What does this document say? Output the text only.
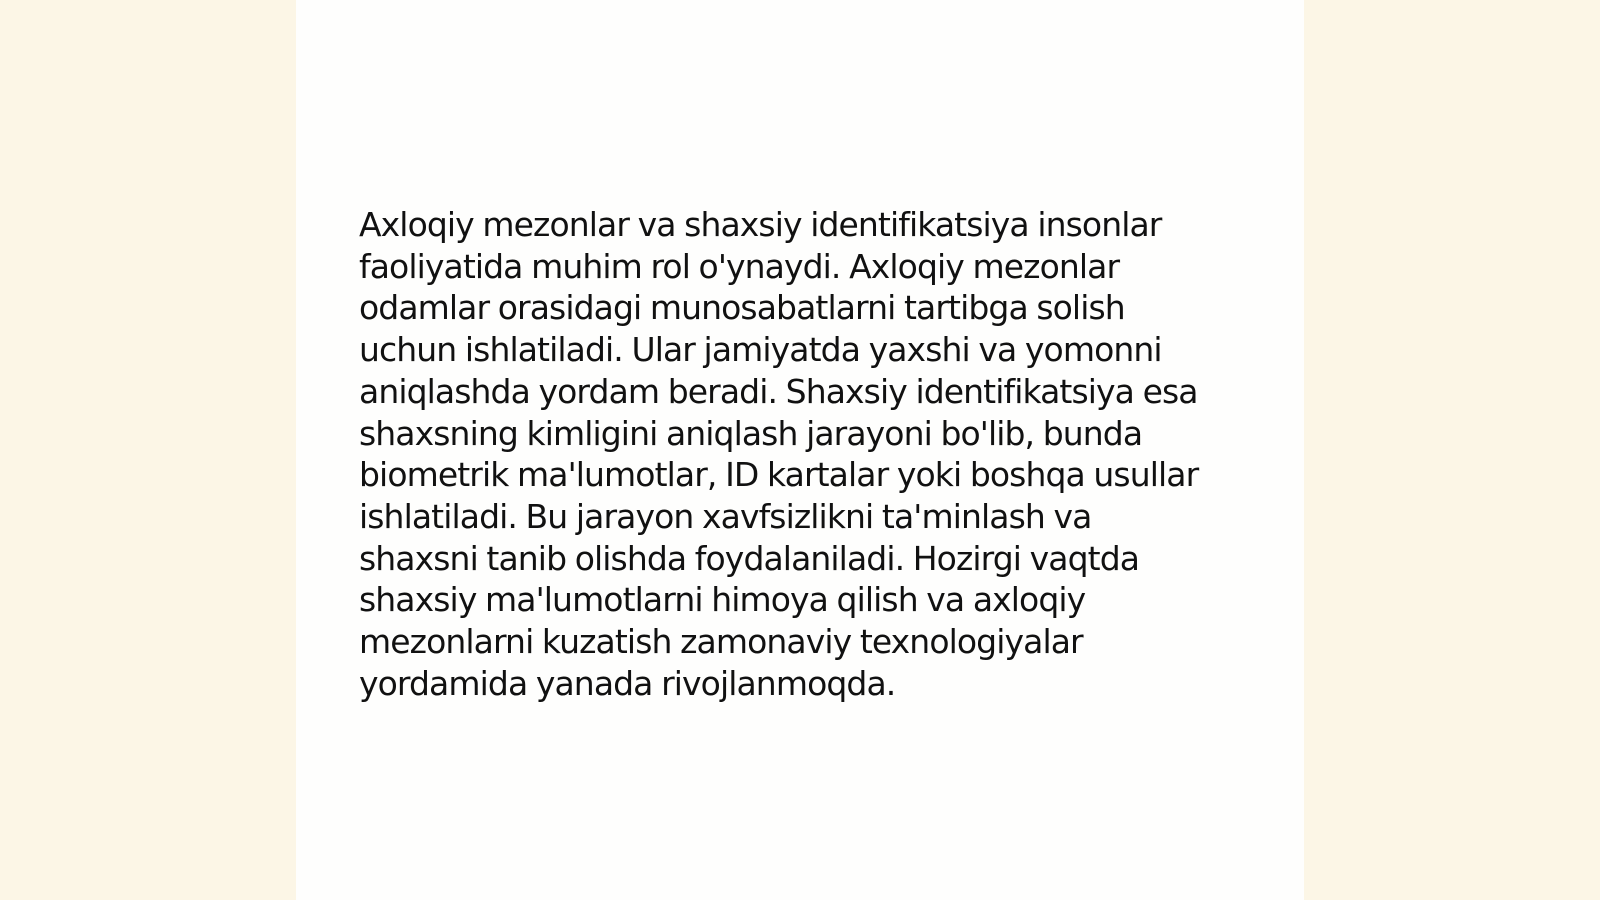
Axloqiy mezonlar va shaxsiy identifikatsiya insonlar
faoliyatida muhim rol o'ynaydi. Axloqiy mezonlar
odamlar orasidagi munosabatlarni tartibga solish
uchun ishlatiladi. Ular jamiyatda yaxshi va yomonni
aniqlashda yordam beradi. Shaxsiy identifikatsiya esa
shaxsning kimligini aniqlash jarayoni bo'lib, bunda
biometrik ma'lumotlar, ID kartalar yoki boshqa usullar
ishlatiladi. Bu jarayon xavfsizlikni ta'minlash va
shaxsni tanib olishda foydalaniladi. Hozirgi vaqtda
shaxsiy ma'lumotlarni himoya qilish va axloqiy
mezonlarni kuzatish zamonaviy texnologiyalar
yordamida yanada rivojlanmoqda.
